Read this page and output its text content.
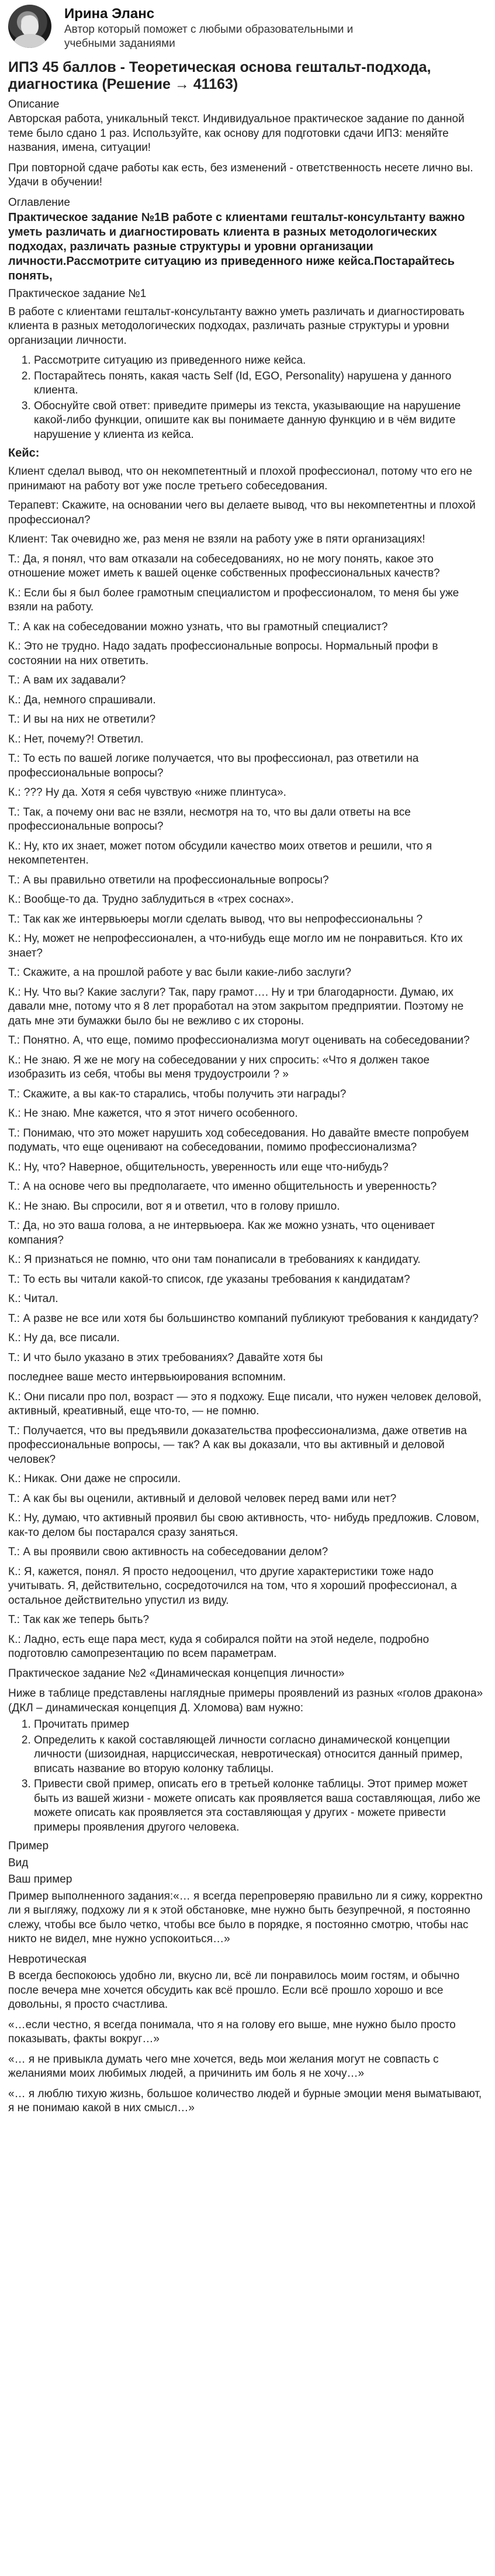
Ирина Эланс
Автор который поможет с любыми образовательными и учебными заданиями
ИПЗ 45 баллов - Теоретическая основа гештальт-подхода, диагностика (Решение → 41163)
Описание

Авторская работа, уникальный текст. Индивидуальное практическое задание по данной теме было сдано 1 раз. Используйте, как основу для подготовки сдачи ИПЗ: меняйте названия, имена, ситуации!

При повторной сдаче работы как есть, без изменений - ответственность несете лично вы. Удачи в обучении!

Оглавление
Практическое задание №1В работе с клиентами гештальт-консультанту важно уметь различать и диагностировать клиента в разных методологических подходах, различать разные структуры и уровни организации личности.Рассмотрите ситуацию из приведенного ниже кейса.Постарайтесь понять,
Практическое задание №1

В работе с клиентами гештальт-консультанту важно уметь различать и диагностировать клиента в разных методологических подходах, различать разные структуры и уровни организации личности.

1. Рассмотрите ситуацию из приведенного ниже кейса.
2. Постарайтесь понять, какая часть Self (Id, EGO, Personality) нарушена у данного клиента.
3. Обоснуйте свой ответ: приведите примеры из текста, указывающие на нарушение какой-либо функции, опишите как вы понимаете данную функцию и в чём видите нарушение у клиента из кейса.
Кейс:

Клиент сделал вывод, что он некомпетентный и плохой профессионал, потому что его не принимают на работу вот уже после третьего собеседования.

Терапевт: Скажите, на основании чего вы делаете вывод, что вы некомпетентны и плохой профессионал?

Клиент: Так очевидно же, раз меня не взяли на работу уже в пяти организациях!

Т.: Да, я понял, что вам отказали на собеседованиях, но не могу понять, какое это отношение может иметь к вашей оценке собственных профессиональных качеств?

К.: Если бы я был более грамотным специалистом и профессионалом, то меня бы уже взяли на работу.

Т.: А как на собеседовании можно узнать, что вы грамотный специалист?

К.: Это не трудно. Надо задать профессиональные вопросы. Нормальный профи в состоянии на них ответить.

Т.: А вам их задавали?

К.: Да, немного спрашивали.

Т.: И вы на них не ответили?

К.: Нет, почему?! Ответил.

Т.: То есть по вашей логике получается, что вы профессионал, раз ответили на профессиональные вопросы?

К.: ??? Ну да. Хотя я себя чувствую «ниже плинтуса».

Т.: Так, а почему они вас не взяли, несмотря на то, что вы дали ответы на все профессиональные вопросы?

К.: Ну, кто их знает, может потом обсудили качество моих ответов и решили, что я некомпетентен.

Т.: А вы правильно ответили на профессиональные вопросы?

К.: Вообще-то да. Трудно заблудиться в «трех соснах».

Т.: Так как же интервьюеры могли сделать вывод, что вы непрофессиональны ?

К.: Ну, может не непрофессионален, а что-нибудь еще могло им не понравиться. Кто их знает?

Т.: Скажите, а на прошлой работе у вас были какие-либо заслуги?

К.: Ну. Что вы? Какие заслуги? Так, пару грамот…. Ну и три благодарности. Думаю, их давали мне, потому что я 8 лет проработал на этом закрытом предприятии. Поэтому не дать мне эти бумажки было бы не вежливо с их стороны.

Т.: Понятно. А, что еще, помимо профессионализма могут оценивать на собеседовании?

К.: Не знаю. Я же не могу на собеседовании у них спросить: «Что я должен такое изобразить из себя, чтобы вы меня трудоустроили ? »

Т.: Скажите, а вы как-то старались, чтобы получить эти награды?

К.: Не знаю. Мне кажется, что я этот ничего особенного.

Т.: Понимаю, что это может нарушить ход собеседования. Но давайте вместе попробуем подумать, что еще оценивают на собеседовании, помимо профессионализма?

К.: Ну, что? Наверное, общительность, уверенность или еще что-нибудь?

Т.: А на основе чего вы предполагаете, что именно общительность и уверенность?

К.: Не знаю. Вы спросили, вот я и ответил, что в голову пришло.

Т.: Да, но это ваша голова, а не интервьюера. Как же можно узнать, что оценивает компания?

К.: Я признаться не помню, что они там понаписали в требованиях к кандидату.

Т.: То есть вы читали какой-то список, где указаны требования к кандидатам?

К.: Читал.

Т.: А разве не все или хотя бы большинство компаний публикуют требования к кандидату?

К.: Ну да, все писали.

Т.: И что было указано в этих требованиях? Давайте хотя бы

последнее ваше место интервьюирования вспомним.

К.: Они писали про пол, возраст — это я подхожу. Еще писали, что нужен человек деловой, активный, креативный, еще что-то, — не помню.

Т.: Получается, что вы предъявили доказательства профессионализма, даже ответив на профессиональные вопросы, — так? А как вы доказали, что вы активный и деловой человек?

К.: Никак. Они даже не спросили.

Т.: А как бы вы оценили, активный и деловой человек перед вами или нет?

К.: Ну, думаю, что активный проявил бы свою активность, что- нибудь предложив. Словом, как-то делом бы постарался сразу заняться.

Т.: А вы проявили свою активность на собеседовании делом?

К.: Я, кажется, понял. Я просто недооценил, что другие характеристики тоже надо учитывать. Я, действительно, сосредоточился на том, что я хороший профессионал, а остальное действительно упустил из виду.

Т.: Так как же теперь быть?

К.: Ладно, есть еще пара мест, куда я собирался пойти на этой неделе, подробно подготовлю самопрезентацию по всем параметрам.

Практическое задание №2 «Динамическая концепция личности»

Ниже в таблице представлены наглядные примеры проявлений из разных «голов дракона» (ДКЛ – динамическая концепция Д. Хломова) вам нужно:

1. Прочитать пример
2. Определить к какой составляющей личности согласно динамической концепции личности (шизоидная, нарциссическая, невротическая) относится данный пример, вписать название во вторую колонку таблицы.
3. Привести свой пример, описать его в третьей колонке таблицы. Этот пример может быть из вашей жизни - можете описать как проявляется ваша составляющая, либо же можете описать как проявляется эта составляющая у других - можете привести примеры проявления другого человека.

Пример

Вид

Ваш пример

Пример выполненного задания:«… я всегда перепроверяю правильно ли я сижу, корректно ли я выгляжу, подхожу ли я к этой обстановке, мне нужно быть безупречной, я постоянно слежу, чтобы все было четко, чтобы все было в порядке, я постоянно смотрю, чтобы нас никто не видел, мне нужно успокоиться…»

Невротическая

В всегда беспокоюсь удобно ли, вкусно ли, всё ли понравилось моим гостям, и обычно после вечера мне хочется обсудить как всё прошло. Если всё прошло хорошо и все довольны, я просто счастлива.

«…если честно, я всегда понимала, что я на голову его выше, мне нужно было просто показывать, факты вокруг…»

«… я не привыкла думать чего мне хочется, ведь мои желания могут не совпасть с желаниями моих любимых людей, а причинить им боль я не хочу…»

«… я люблю тихую жизнь, большое количество людей и бурные эмоции меня выматывают, я не понимаю какой в них смысл…»
